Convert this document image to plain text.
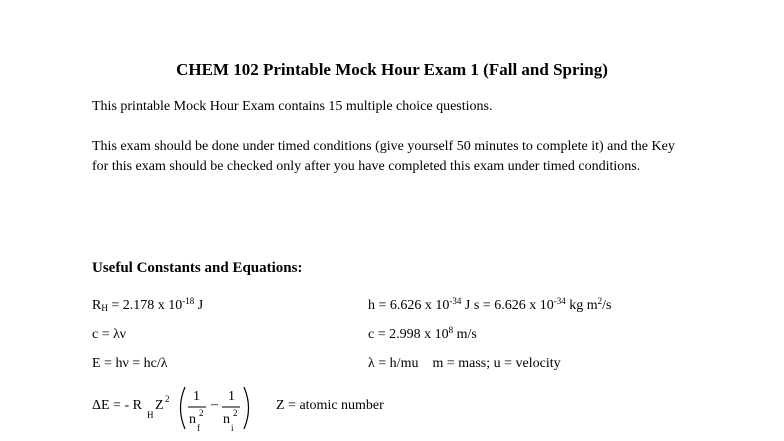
CHEM 102 Printable Mock Hour Exam 1 (Fall and Spring)

This printable Mock Hour Exam contains 15 multiple choice questions.

This exam should be done under timed conditions (give yourself 50 minutes to complete it) and the Key for this exam should be checked only after you have completed this exam under timed conditions.

Useful Constants and Equations:
$R_H = 2.178$ x $10^{-18}$ J	h = 6.626 x $10^{-34}$ J s = 6.626 x $10^{-34}$ kg $m^2/s$
c = λν	c = 2.998 x $10^8$ m/s
E = hν = hc/λ	λ = h/mu m = mass; u = velocity
ΔE = - R
H
Z 2 1
–
1
n
f
2 n
i
2	Z = atomic number
